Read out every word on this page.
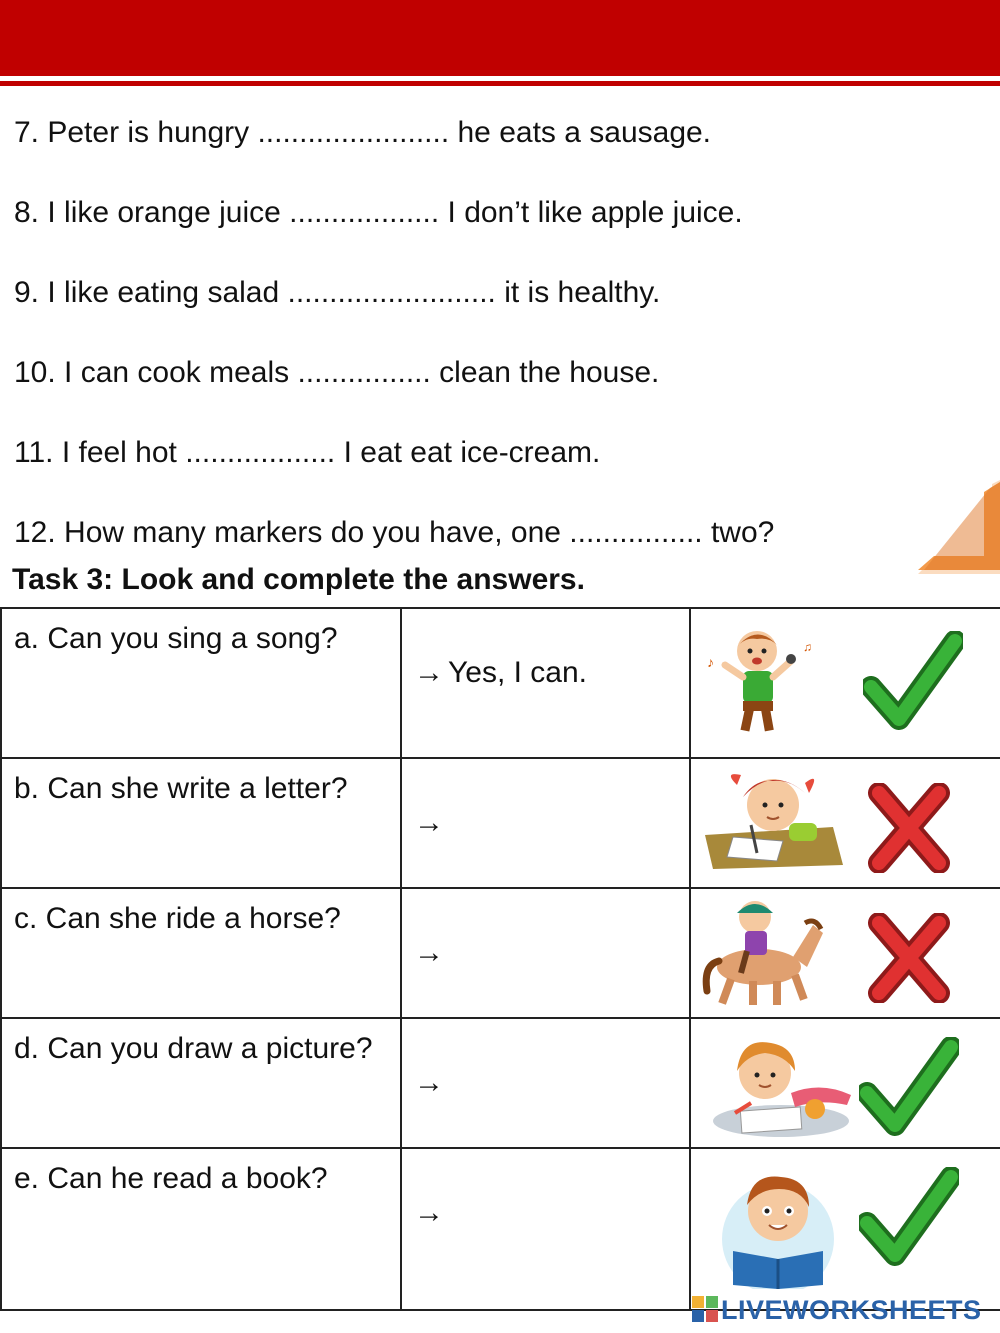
7. Peter is hungry ....................... he eats a sausage.
8. I like orange juice .................. I don’t like apple juice.
9. I like eating salad ......................... it is healthy.
10. I can cook meals ................ clean the house.
11. I feel hot .................. I eat eat ice-cream.
12. How many markers do you have, one ................ two?
Task 3: Look and complete the answers.
a. Can you sing a song?	→ Yes, I can.	♪
♫

b. Can she write a letter?	→	

c. Can she ride a horse?	→	

d. Can you draw a picture?	→	

e. Can he read a book?	→	
LIVEWORKSHEETS
